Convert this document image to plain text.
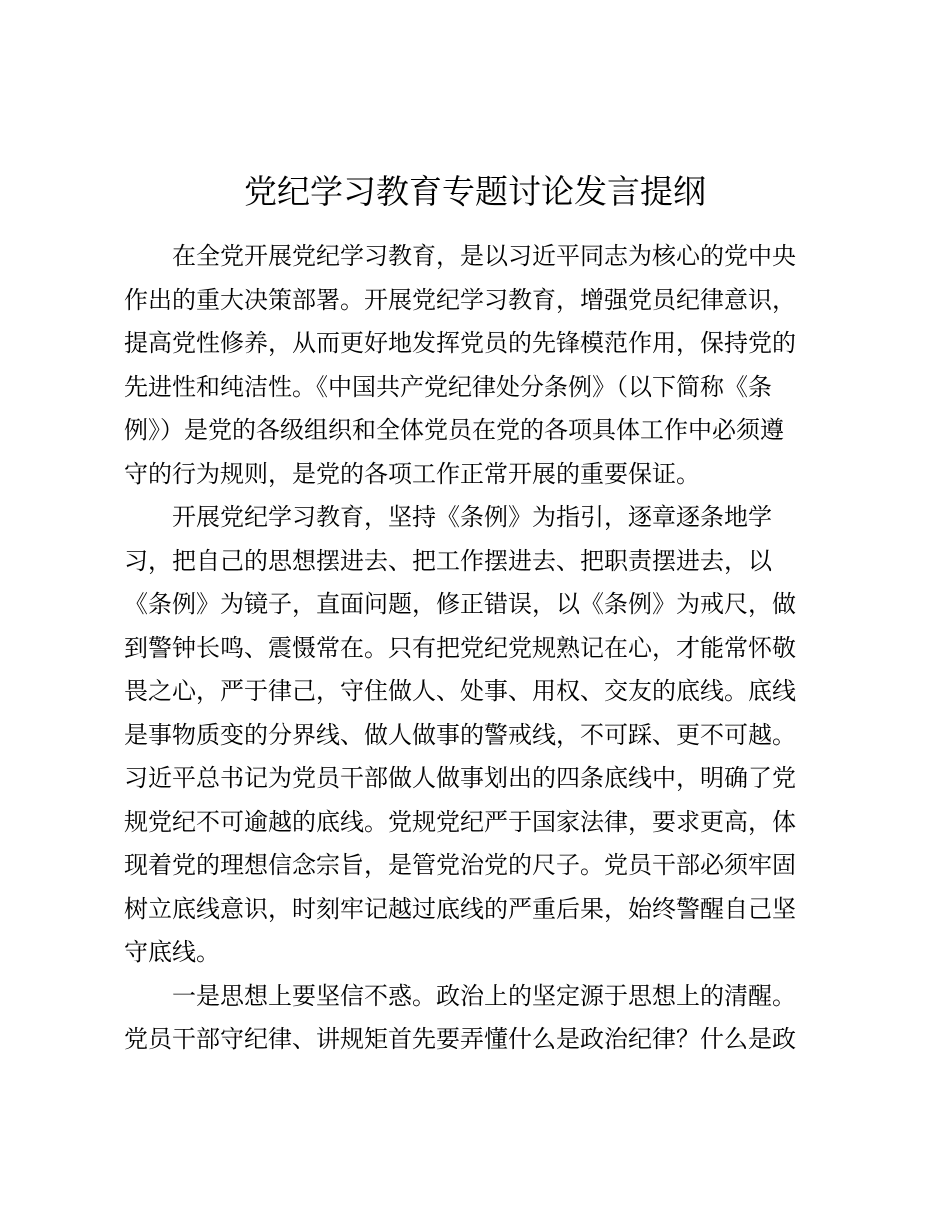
党纪学习教育专题讨论发言提纲

在全党开展党纪学习教育，是以习近平同志为核心的党中央
作出的重大决策部署。开展党纪学习教育，增强党员纪律意识，
提高党性修养，从而更好地发挥党员的先锋模范作用，保持党的
先进性和纯洁性。《中国共产党纪律处分条例》（以下简称《条
例》）是党的各级组织和全体党员在党的各项具体工作中必须遵
守的行为规则，是党的各项工作正常开展的重要保证。

开展党纪学习教育，坚持《条例》为指引，逐章逐条地学
习，把自己的思想摆进去、把工作摆进去、把职责摆进去，以
《条例》为镜子，直面问题，修正错误，以《条例》为戒尺，做
到警钟长鸣、震慑常在。只有把党纪党规熟记在心，才能常怀敬
畏之心，严于律己，守住做人、处事、用权、交友的底线。底线
是事物质变的分界线、做人做事的警戒线，不可踩、更不可越。
习近平总书记为党员干部做人做事划出的四条底线中，明确了党
规党纪不可逾越的底线。党规党纪严于国家法律，要求更高，体
现着党的理想信念宗旨，是管党治党的尺子。党员干部必须牢固
树立底线意识，时刻牢记越过底线的严重后果，始终警醒自己坚
守底线。

一是思想上要坚信不惑。政治上的坚定源于思想上的清醒。
党员干部守纪律、讲规矩首先要弄懂什么是政治纪律？什么是政
